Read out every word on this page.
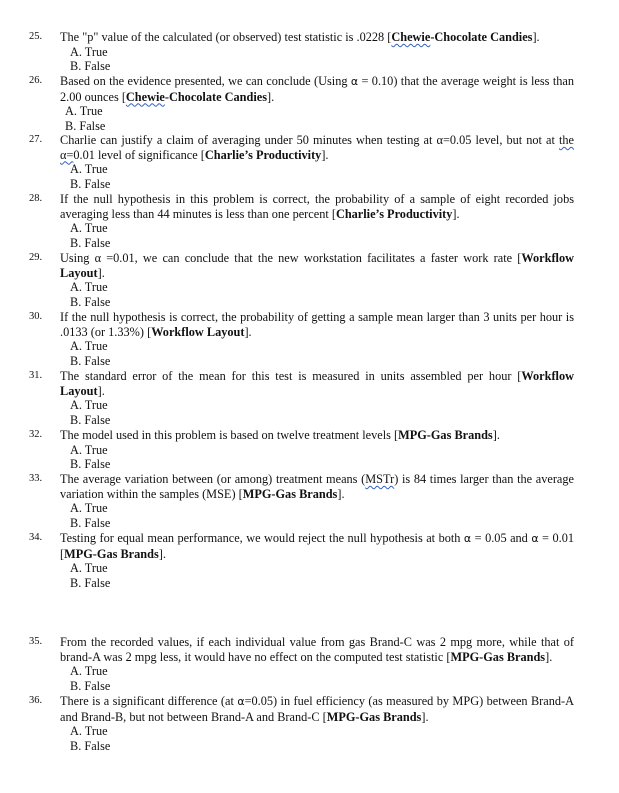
25.	The "p" value of the calculated (or observed) test statistic is .0228 [Chewie-Chocolate Candies].
A. True
B. False
26.	Based on the evidence presented, we can conclude (Using α = 0.10) that the average weight is less than 2.00 ounces [Chewie-Chocolate Candies].
A. True
B. False
27.	Charlie can justify a claim of averaging under 50 minutes when testing at α=0.05 level, but not at the α=0.01 level of significance [Charlie’s Productivity].
A. True
B. False
28.	If the null hypothesis in this problem is correct, the probability of a sample of eight recorded jobs averaging less than 44 minutes is less than one percent [Charlie’s Productivity].
A. True
B. False
29.	Using α =0.01, we can conclude that the new workstation facilitates a faster work rate [Workflow Layout].
A. True
B. False
30.	If the null hypothesis is correct, the probability of getting a sample mean larger than 3 units per hour is .0133 (or 1.33%) [Workflow Layout].
A. True
B. False
31.	The standard error of the mean for this test is measured in units assembled per hour [Workflow Layout].
A. True
B. False
32.	The model used in this problem is based on twelve treatment levels [MPG-Gas Brands].
A. True
B. False
33.	The average variation between (or among) treatment means (MSTr) is 84 times larger than the average variation within the samples (MSE) [MPG-Gas Brands].
A. True
B. False
34.	Testing for equal mean performance, we would reject the null hypothesis at both α = 0.05 and α = 0.01 [MPG-Gas Brands].
A. True
B. False
35.	From the recorded values, if each individual value from gas Brand-C was 2 mpg more, while that of brand-A was 2 mpg less, it would have no effect on the computed test statistic [MPG-Gas Brands].
A. True
B. False
36.	There is a significant difference (at α=0.05) in fuel efficiency (as measured by MPG) between Brand-A and Brand-B, but not between Brand-A and Brand-C [MPG-Gas Brands].
A. True
B. False
